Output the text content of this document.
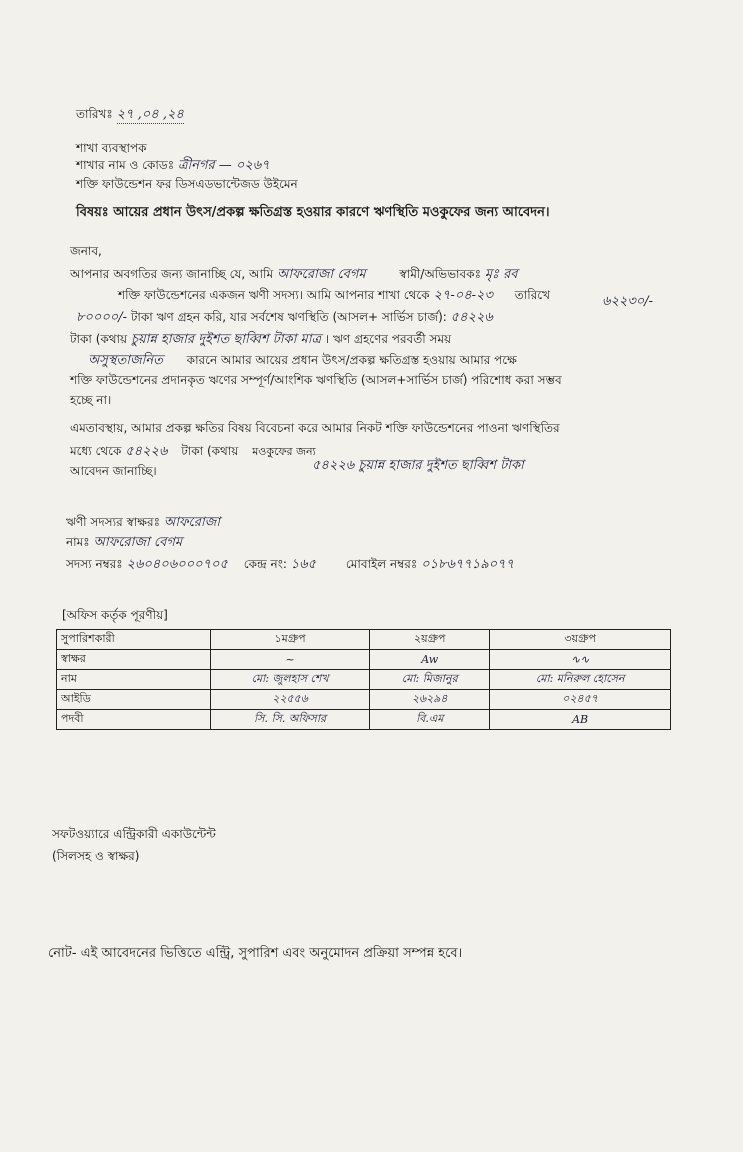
তারিখঃ ২৭ ,০৪ ,২৪
শাখা ব্যবস্থাপক
শাখার নাম ও কোডঃ ত্রীনগর — ০২৬৭
শক্তি ফাউন্ডেশন ফর ডিসএডভান্টেজড উইমেন
বিষয়ঃ আয়ের প্রধান উৎস/প্রকল্প ক্ষতিগ্রস্ত হওয়ার কারণে ঋণস্থিতি মওকুফের জন্য আবেদন।
জনাব,
আপনার অবগতির জন্য জানাচ্ছি যে, আমি আফরোজা বেগম	স্বামী/অভিভাবকঃ মৃঃ রব
শক্তি ফাউন্ডেশনের একজন ঋণী সদস্য। আমি আপনার শাখা থেকে ২৭-০৪-২৩ তারিখে	৬২২৩০/-
৮০০০০/- টাকা ঋণ গ্রহন করি, যার সর্বশেষ ঋণস্থিতি (আসল+ সার্ভিস চার্জ): ৫৪২২৬
টাকা (কথায় চুয়ান্ন হাজার দুইশত ছাব্বিশ টাকা মাত্র । ঋণ গ্রহণের পরবর্তী সময়
অসুস্থতাজনিত কারনে আমার আয়ের প্রধান উৎস/প্রকল্প ক্ষতিগ্রস্ত হওয়ায় আমার পক্ষে
শক্তি ফাউন্ডেশনের প্রদানকৃত ঋণের সম্পূর্ণ/আংশিক ঋণস্থিতি (আসল+সার্ভিস চার্জ) পরিশোধ করা সম্ভব
হচ্ছে না।
এমতাবস্থায়, আমার প্রকল্প ক্ষতির বিষয় বিবেচনা করে আমার নিকট শক্তি ফাউন্ডেশনের পাওনা ঋণস্থিতির
মধ্যে থেকে ৫৪২২৬ টাকা (কথায় মওকুফের জন্য
৫৪২২৬ চুয়ান্ন হাজার দুইশত ছাব্বিশ টাকা
আবেদন জানাচ্ছি।
ঋণী সদস্যর স্বাক্ষরঃ আফরোজা
নামঃ আফরোজা বেগম
সদস্য নম্বরঃ ২৬০৪০৬০০০৭০৫ কেন্দ্র নং: ১৬৫ মোবাইল নম্বরঃ ০১৮৬৭৭১৯০৭৭
[অফিস কর্তৃক পূরণীয়]
সুপারিশকারী	১মগ্রুপ	২য়গ্রুপ	৩য়গ্রুপ
স্বাক্ষর	~	Aw	∿∿
নাম	মো: জুলহাস শেখ	মো: মিজানুর	মো: মনিরুল হোসেন
আইডি	২২৫৫৬	২৬২৯৪	০২৪৫৭
পদবী	সি. সি. অফিসার	বি.এম	AB
সফটওয়্যারে এন্ট্রিকারী একাউন্টেন্ট
(সিলসহ ও স্বাক্ষর)
নোট- এই আবেদনের ভিত্তিতে এন্ট্রি, সুপারিশ এবং অনুমোদন প্রক্রিয়া সম্পন্ন হবে।
